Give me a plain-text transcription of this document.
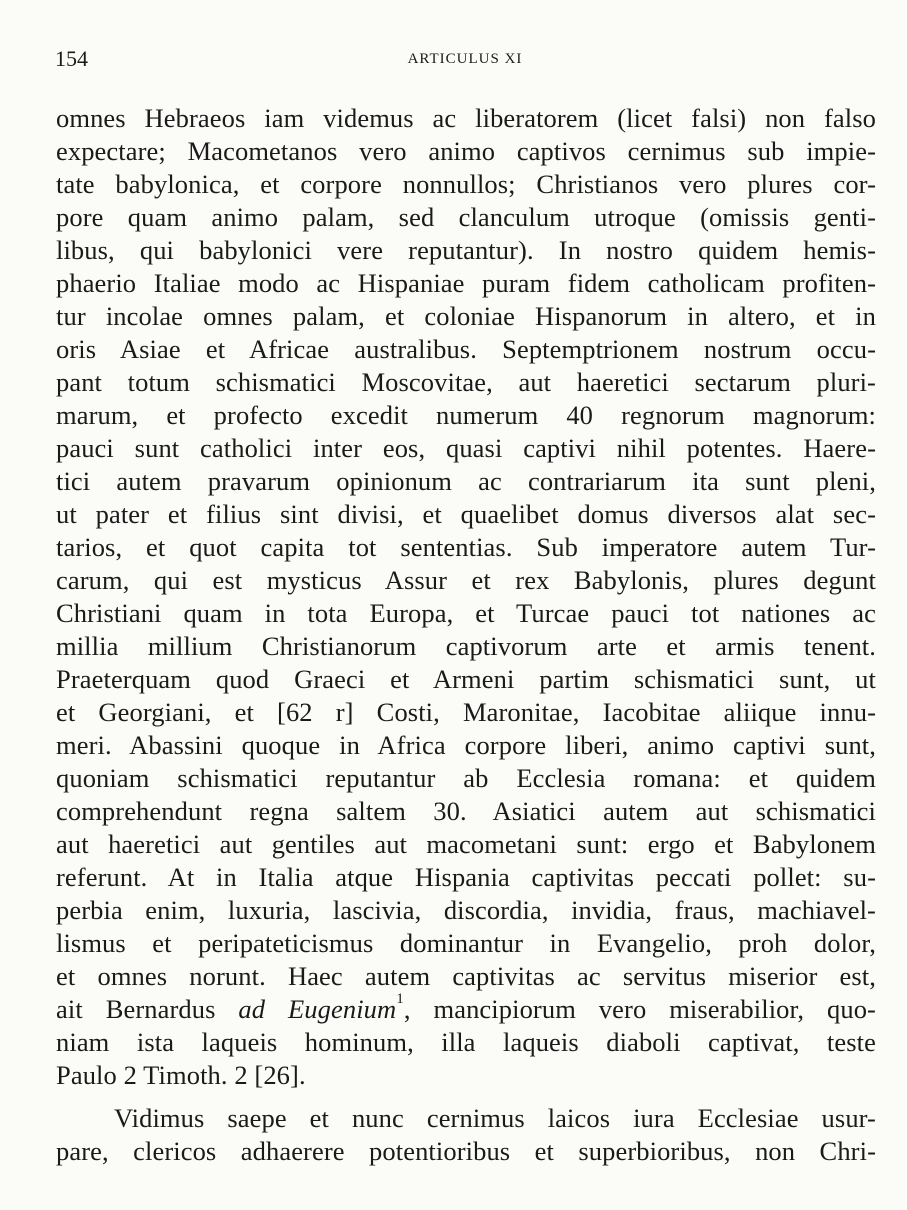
154	ARTICULUS XI
omnes Hebraeos iam videmus ac liberatorem (licet falsi) non falso
expectare; Macometanos vero animo captivos cernimus sub impie-
tate babylonica, et corpore nonnullos; Christianos vero plures cor-
pore quam animo palam, sed clanculum utroque (omissis genti-
libus, qui babylonici vere reputantur). In nostro quidem hemis-
phaerio Italiae modo ac Hispaniae puram fidem catholicam profiten-
tur incolae omnes palam, et coloniae Hispanorum in altero, et in
oris Asiae et Africae australibus. Septemptrionem nostrum occu-
pant totum schismatici Moscovitae, aut haeretici sectarum pluri-
marum, et profecto excedit numerum 40 regnorum magnorum:
pauci sunt catholici inter eos, quasi captivi nihil potentes. Haere-
tici autem pravarum opinionum ac contrariarum ita sunt pleni,
ut pater et filius sint divisi, et quaelibet domus diversos alat sec-
tarios, et quot capita tot sententias. Sub imperatore autem Tur-
carum, qui est mysticus Assur et rex Babylonis, plures degunt
Christiani quam in tota Europa, et Turcae pauci tot nationes ac
millia millium Christianorum captivorum arte et armis tenent.
Praeterquam quod Graeci et Armeni partim schismatici sunt, ut
et Georgiani, et [62 r] Costi, Maronitae, Iacobitae aliique innu-
meri. Abassini quoque in Africa corpore liberi, animo captivi sunt,
quoniam schismatici reputantur ab Ecclesia romana: et quidem
comprehendunt regna saltem 30. Asiatici autem aut schismatici
aut haeretici aut gentiles aut macometani sunt: ergo et Babylonem
referunt. At in Italia atque Hispania captivitas peccati pollet: su-
perbia enim, luxuria, lascivia, discordia, invidia, fraus, machiavel-
lismus et peripateticismus dominantur in Evangelio, proh dolor,
et omnes norunt. Haec autem captivitas ac servitus miserior est,
ait Bernardus ad Eugenium$^1$, mancipiorum vero miserabilior, quo-
niam ista laqueis hominum, illa laqueis diaboli captivat, teste
Paulo 2 Timoth. 2 [26].
Vidimus saepe et nunc cernimus laicos iura Ecclesiae usur-
pare, clericos adhaerere potentioribus et superbioribus, non Chri-
